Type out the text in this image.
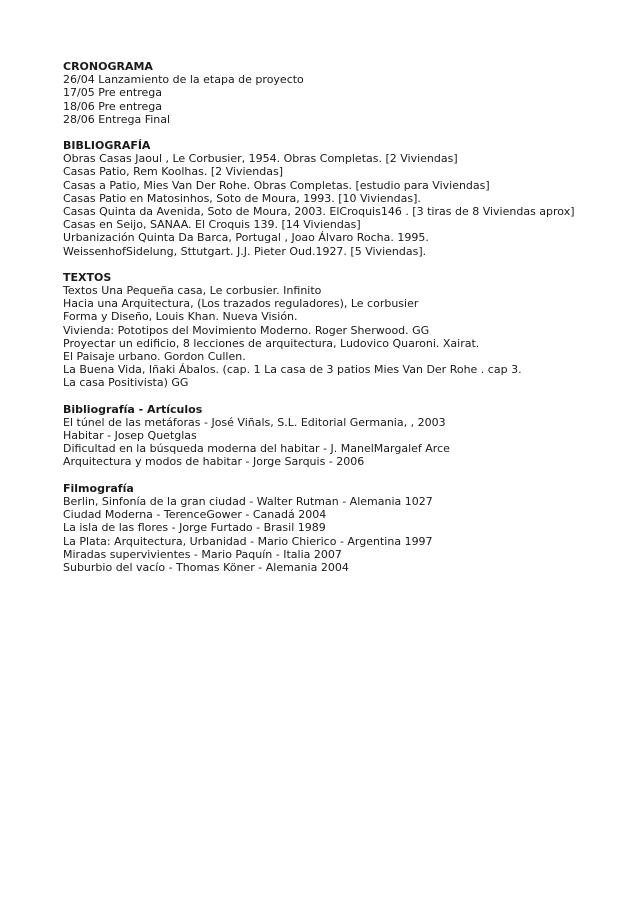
CRONOGRAMA
26/04 Lanzamiento de la etapa de proyecto
17/05 Pre entrega
18/06 Pre entrega
28/06 Entrega Final
BIBLIOGRAFÍA
Obras Casas Jaoul , Le Corbusier, 1954. Obras Completas. [2 Viviendas]
Casas Patio, Rem Koolhas. [2 Viviendas]
Casas a Patio, Mies Van Der Rohe. Obras Completas. [estudio para Viviendas]
Casas Patio en Matosinhos, Soto de Moura, 1993. [10 Viviendas].
Casas Quinta da Avenida, Soto de Moura, 2003. ElCroquis146 . [3 tiras de 8 Viviendas aprox]
Casas en Seijo, SANAA. El Croquis 139. [14 Viviendas]
Urbanización Quinta Da Barca, Portugal , Joao Álvaro Rocha. 1995.
WeissenhofSidelung, Sttutgart. J.J. Pieter Oud.1927. [5 Viviendas].
TEXTOS
Textos Una Pequeña casa, Le corbusier. Infinito
Hacia una Arquitectura, (Los trazados reguladores), Le corbusier
Forma y Diseño, Louis Khan. Nueva Visión.
Vivienda: Pototipos del Movimiento Moderno. Roger Sherwood. GG
Proyectar un edificio, 8 lecciones de arquitectura, Ludovico Quaroni. Xairat.
El Paisaje urbano. Gordon Cullen.
La Buena Vida, Iñaki Ábalos. (cap. 1 La casa de 3 patios Mies Van Der Rohe . cap 3.
La casa Positivista) GG
Bibliografía - Artículos
El túnel de las metáforas - José Viñals, S.L. Editorial Germania, , 2003
Habitar - Josep Quetglas
Dificultad en la búsqueda moderna del habitar - J. ManelMargalef Arce
Arquitectura y modos de habitar - Jorge Sarquis - 2006
Filmografía
Berlin, Sinfonía de la gran ciudad - Walter Rutman - Alemania 1027
Ciudad Moderna - TerenceGower - Canadá 2004
La isla de las flores - Jorge Furtado - Brasil 1989
La Plata: Arquitectura, Urbanidad - Mario Chierico - Argentina 1997
Miradas supervivientes - Mario Paquín - Italia 2007
Suburbio del vacío - Thomas Köner - Alemania 2004
